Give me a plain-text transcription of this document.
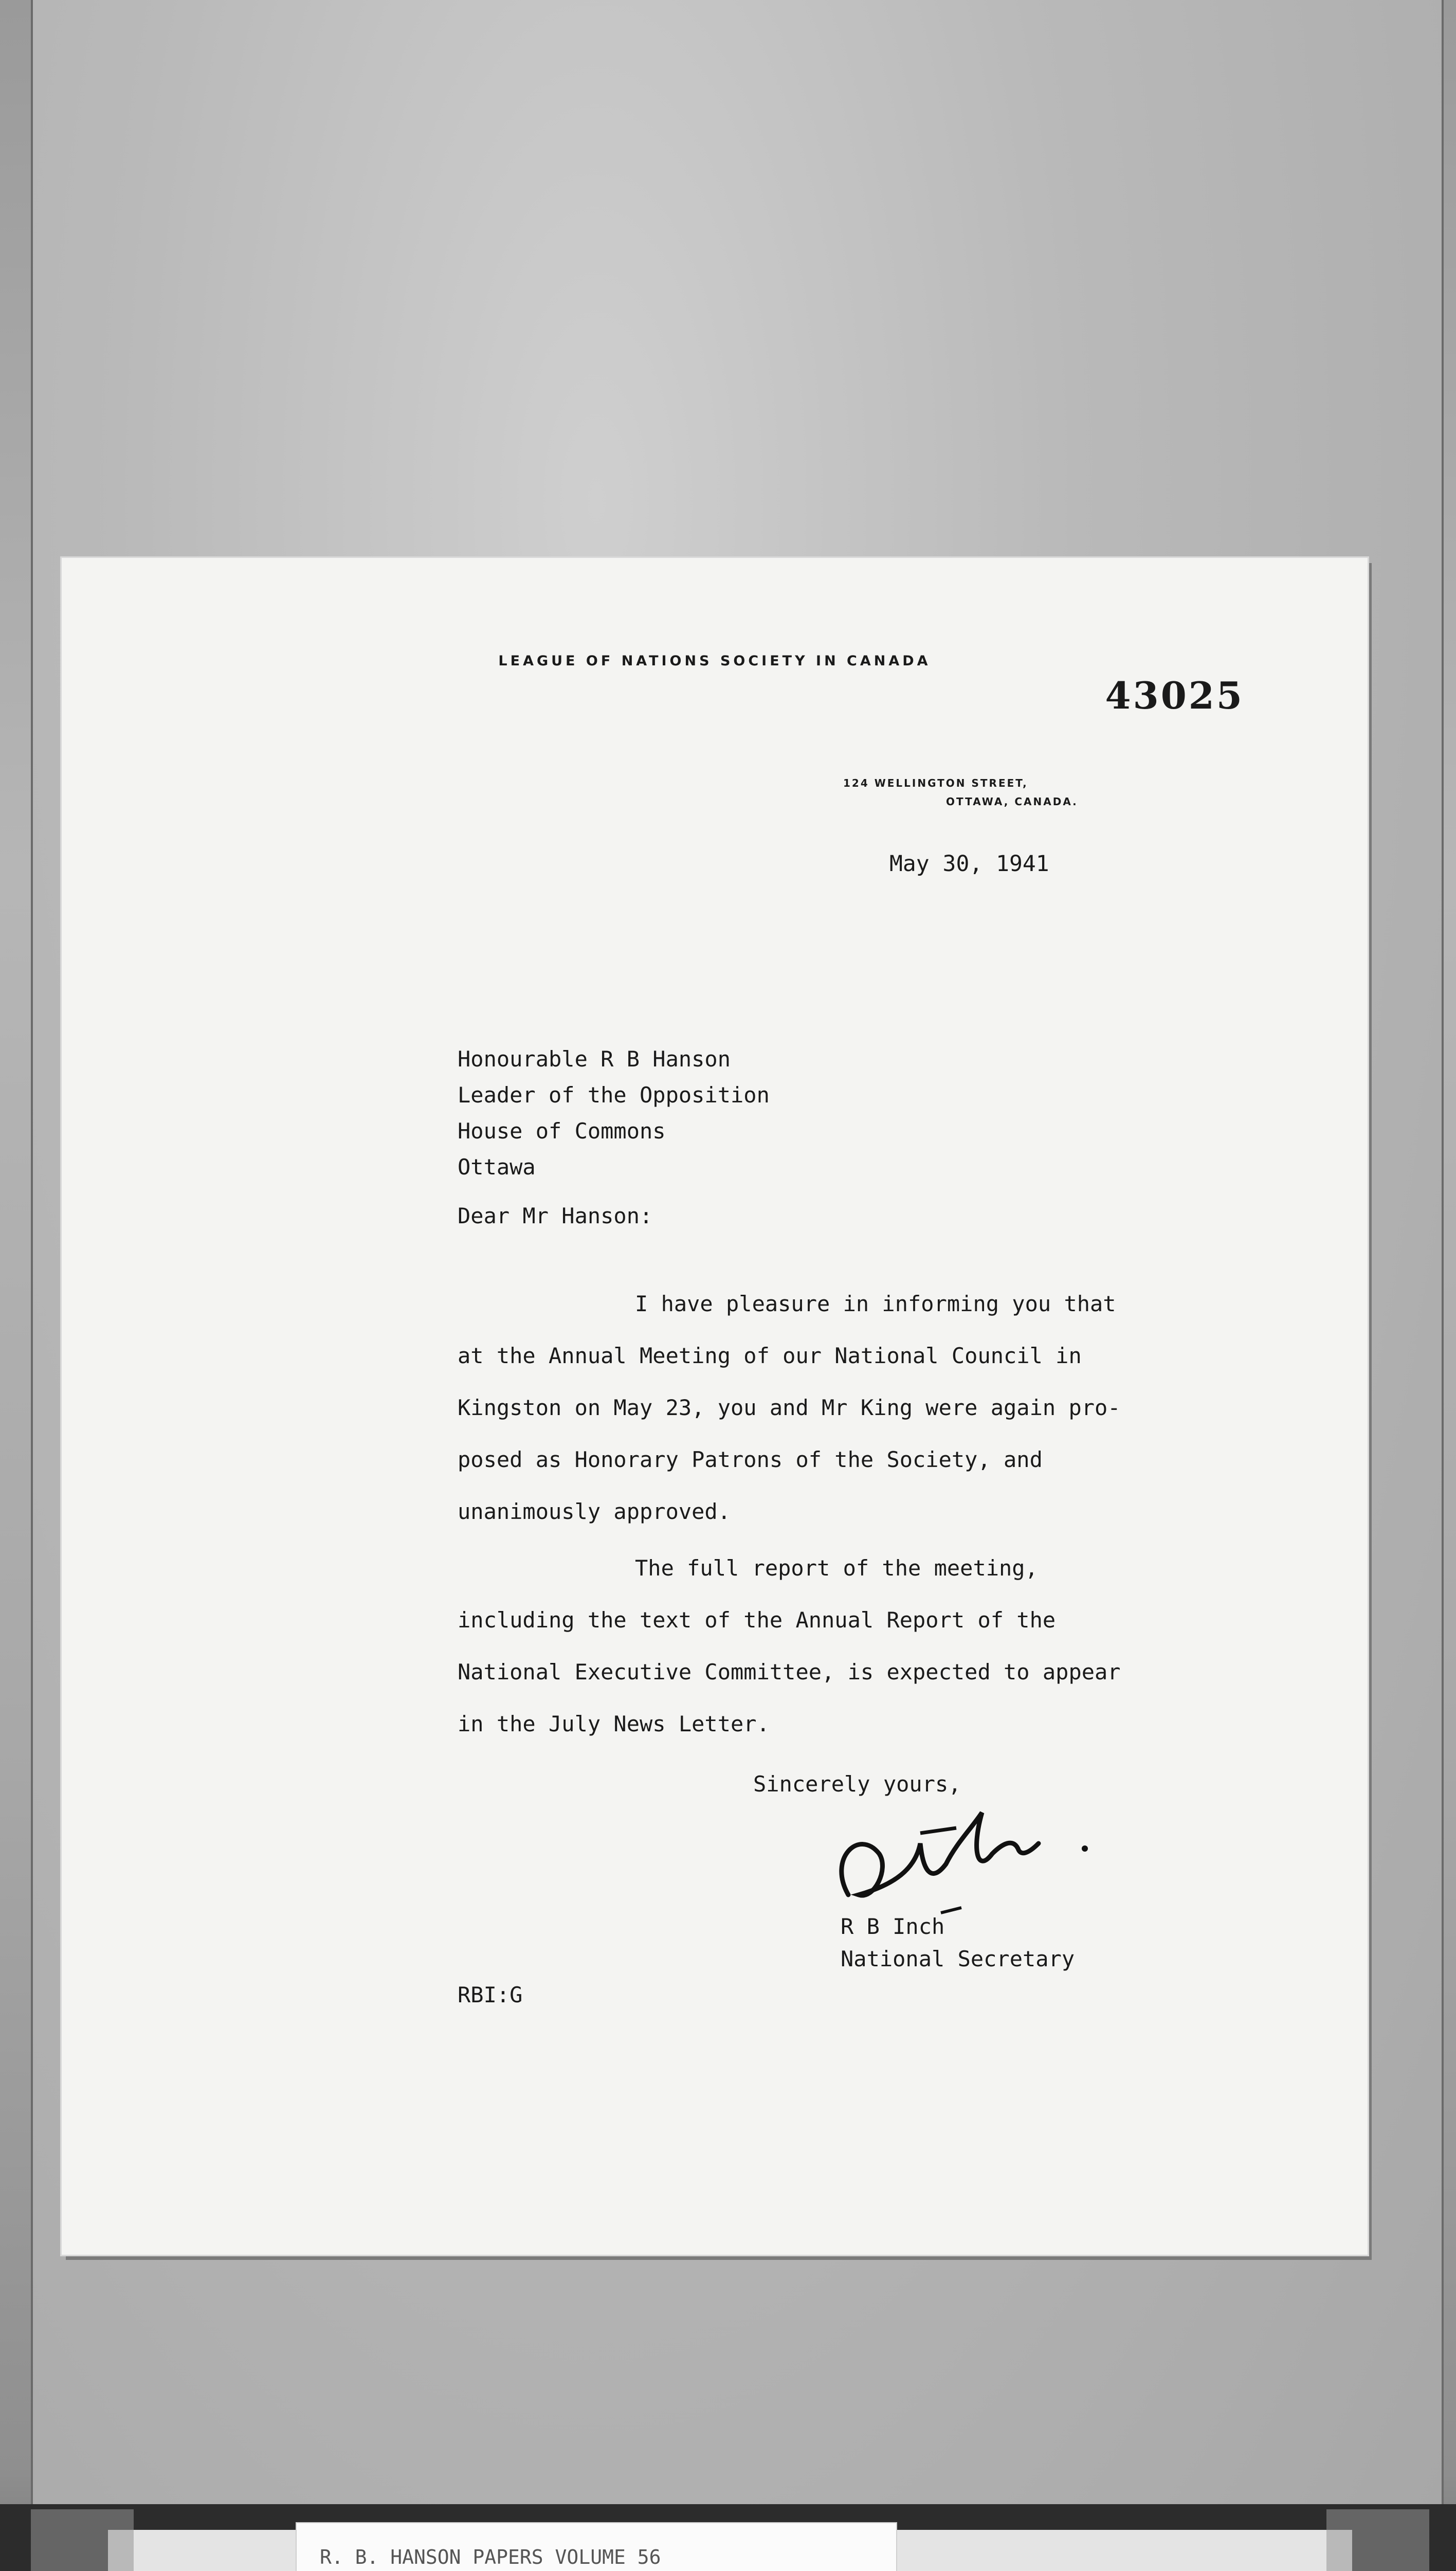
LEAGUE OF NATIONS SOCIETY IN CANADA
43025
124 WELLINGTON STREET,
OTTAWA, CANADA.
May 30, 1941
Honourable R B Hanson
Leader of the Opposition
House of Commons
Ottawa
Dear Mr Hanson:
I have pleasure in informing you that
at the Annual Meeting of our National Council in
Kingston on May 23, you and Mr King were again pro-
posed as Honorary Patrons of the Society, and
unanimously approved.
The full report of the meeting,
including the text of the Annual Report of the
National Executive Committee, is expected to appear
in the July News Letter.
Sincerely yours,
R B Inch
National Secretary
RBI:G
R. B. HANSON PAPERS VOLUME 56
